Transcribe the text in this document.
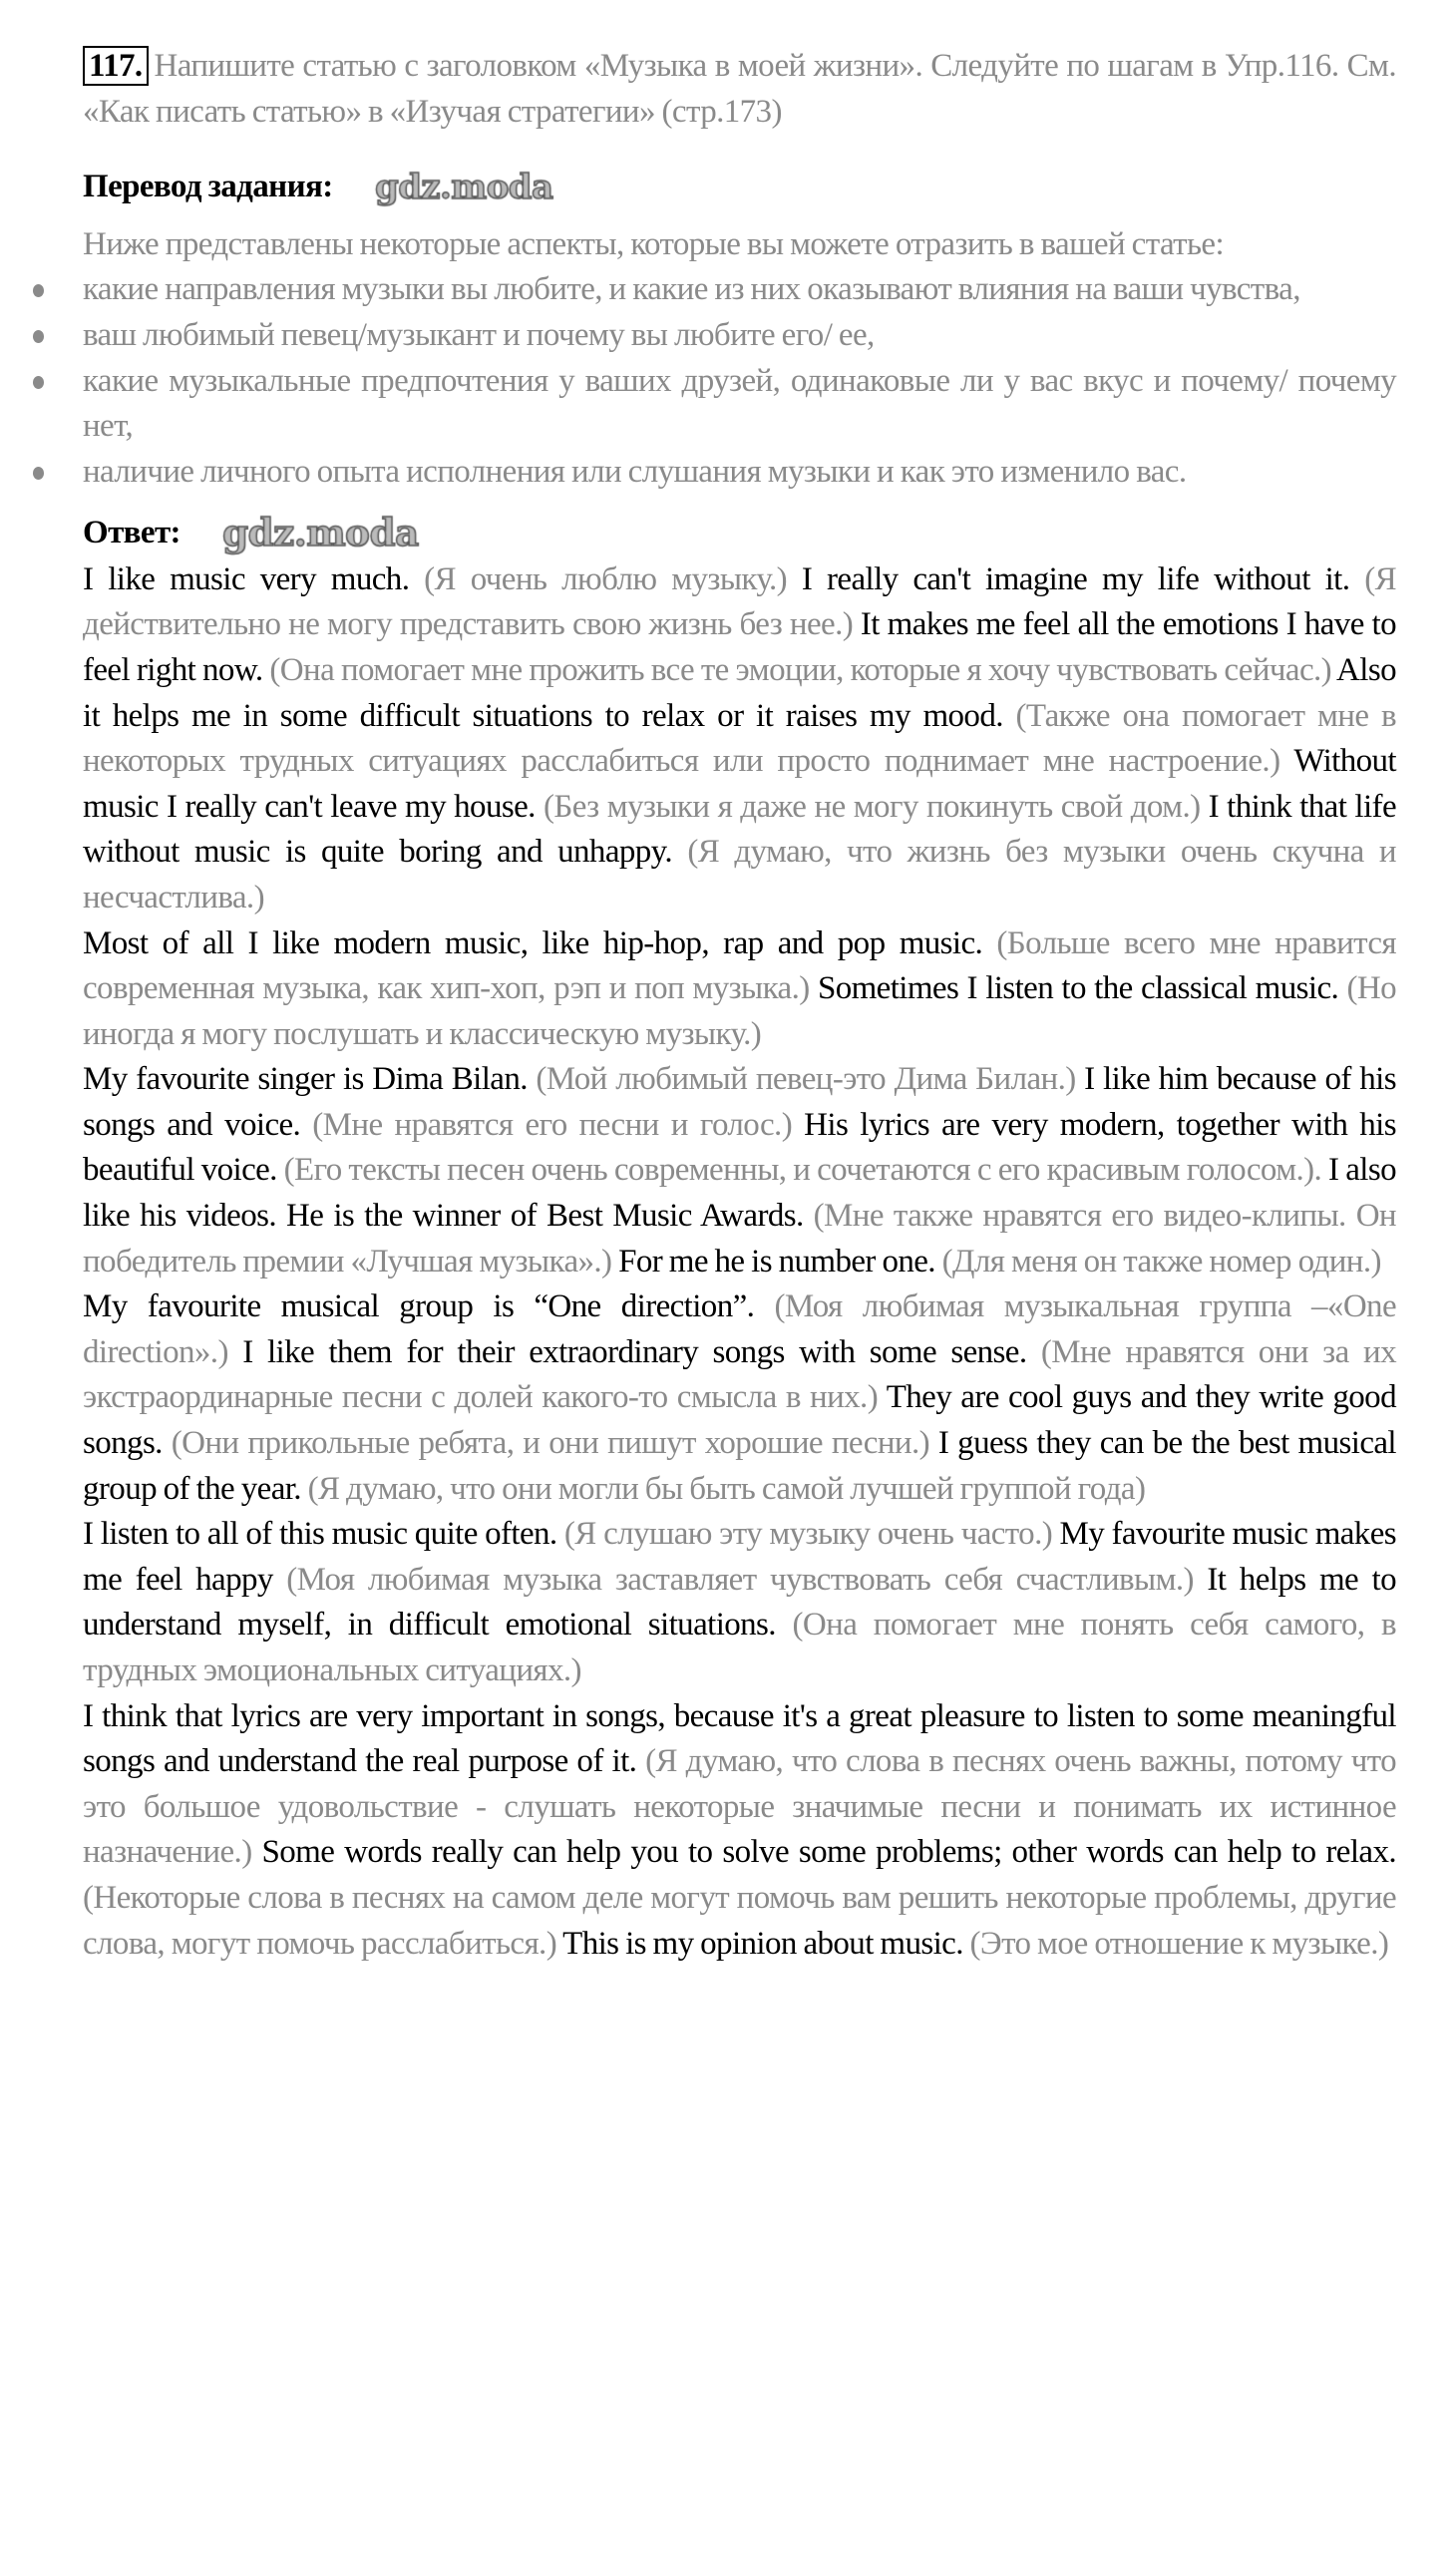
117. Напишите статью с заголовком «Музыка в моей жизни». Следуйте по шагам в Упр.116. См. «Как писать статью» в «Изучая стратегии» (стр.173)

Перевод задания:

Ниже представлены некоторые аспекты, которые вы можете отразить в вашей статье:

какие направления музыки вы любите, и какие из них оказывают влияния на ваши чувства,
ваш любимый певец/музыкант и почему вы любите его/ ее,
какие музыкальные предпочтения у ваших друзей, одинаковые ли у вас вкус и почему/ почему нет,
наличие личного опыта исполнения или слушания музыки и как это изменило вас.
Ответ:

I like music very much. (Я очень люблю музыку.) I really can't imagine my life without it. (Я действительно не могу представить свою жизнь без нее.) It makes me feel all the emotions I have to feel right now. (Она помогает мне прожить все те эмоции, которые я хочу чувствовать сейчас.) Also it helps me in some difficult situations to relax or it raises my mood. (Также она помогает мне в некоторых трудных ситуациях расслабиться или просто поднимает мне настроение.) Without music I really can't leave my house. (Без музыки я даже не могу покинуть свой дом.) I think that life without music is quite boring and unhappy. (Я думаю, что жизнь без музыки очень скучна и несчастлива.)

Most of all I like modern music, like hip-hop, rap and pop music. (Больше всего мне нравится современная музыка, как хип-хоп, рэп и поп музыка.) Sometimes I listen to the classical music. (Но иногда я могу послушать и классическую музыку.)

My favourite singer is Dima Bilan. (Мой любимый певец-это Дима Билан.) I like him because of his songs and voice. (Мне нравятся его песни и голос.) His lyrics are very modern, together with his beautiful voice. (Его тексты песен очень современны, и сочетаются с его красивым голосом.). I also like his videos. He is the winner of Best Music Awards. (Мне также нравятся его видео-клипы. Он победитель премии «Лучшая музыка».) For me he is number one. (Для меня он также номер один.)

My favourite musical group is “One direction”. (Моя любимая музыкальная группа –«One direction».) I like them for their extraordinary songs with some sense. (Мне нравятся они за их экстраординарные песни с долей какого-то смысла в них.) They are cool guys and they write good songs. (Они прикольные ребята, и они пишут хорошие песни.) I guess they can be the best musical group of the year. (Я думаю, что они могли бы быть самой лучшей группой года)

I listen to all of this music quite often. (Я слушаю эту музыку очень часто.) My favourite music makes me feel happy (Моя любимая музыка заставляет чувствовать себя счастливым.) It helps me to understand myself, in difficult emotional situations. (Она помогает мне понять себя самого, в трудных эмоциональных ситуациях.)

I think that lyrics are very important in songs, because it's a great pleasure to listen to some meaningful songs and understand the real purpose of it. (Я думаю, что слова в песнях очень важны, потому что это большое удовольствие - слушать некоторые значимые песни и понимать их истинное назначение.) Some words really can help you to solve some problems; other words can help to relax. (Некоторые слова в песнях на самом деле могут помочь вам решить некоторые проблемы, другие слова, могут помочь расслабиться.) This is my opinion about music. (Это мое отношение к музыке.)
